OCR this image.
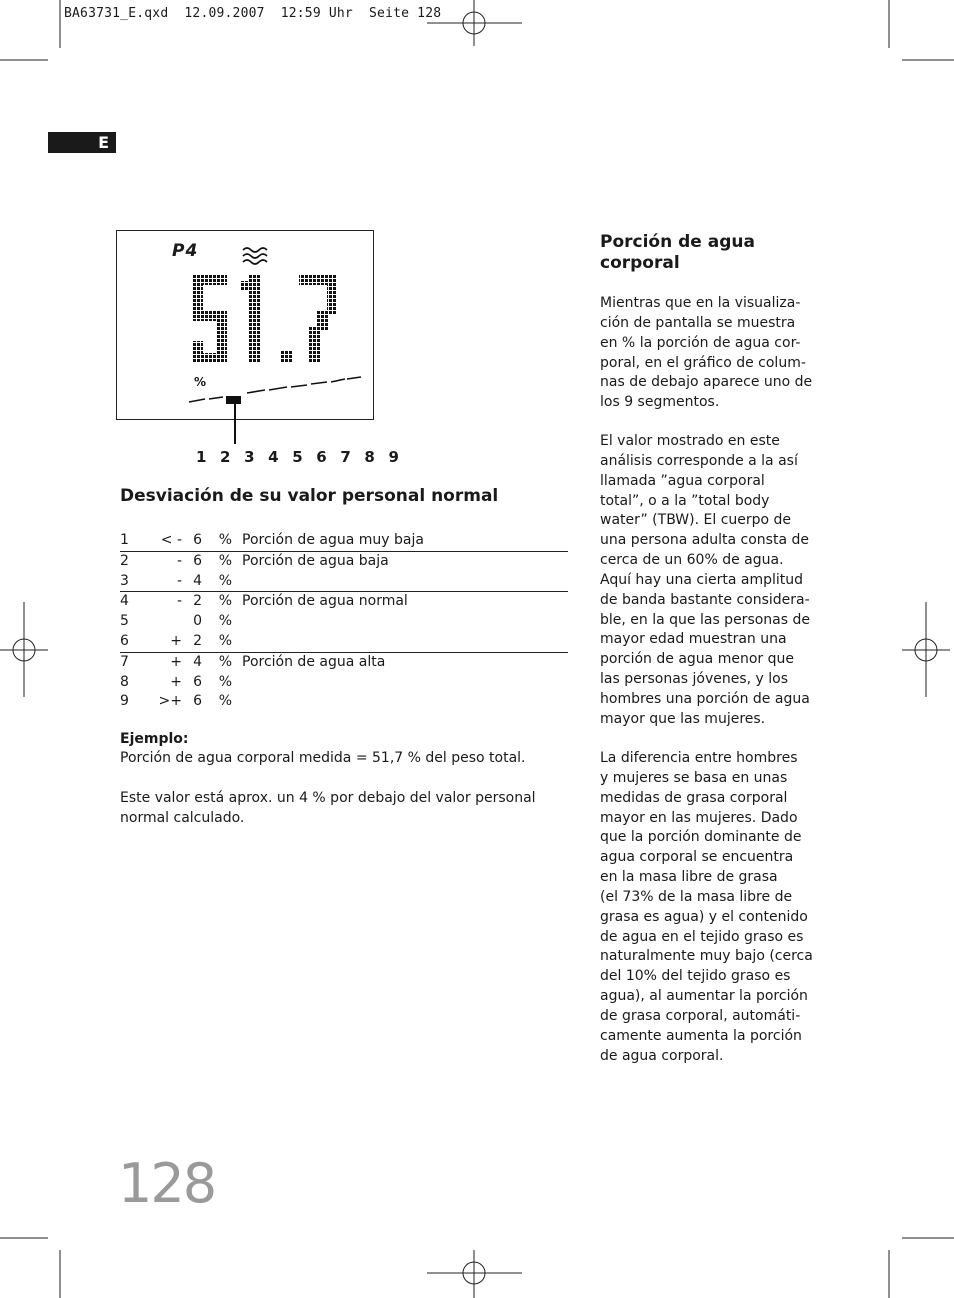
BA63731_E.qxd  12.09.2007  12:59 Uhr  Seite 128
E
P4
%
1 2 3 4 5 6 7 8 9
Desviación de su valor personal normal
1	< -	6	%	Porción de agua muy baja
2	-	6	%	Porción de agua baja
3	-	4	%	
4	-	2	%	Porción de agua normal
5		0	%	
6	+	2	%	
7	+	4	%	Porción de agua alta
8	+	6	%	
9	>+	6	%	
Ejemplo:
Porción de agua corporal medida = 51,7 % del peso total.
Este valor está aprox. un 4 % por debajo del valor personal
normal calculado.
Porción de agua
corporal
Mientras que en la visualiza-
ción de pantalla se muestra
en % la porción de agua cor-
poral, en el gráfico de colum-
nas de debajo aparece uno de
los 9 segmentos.
El valor mostrado en este
análisis corresponde a la así
llamada ”agua corporal
total”, o a la ”total body
water” (TBW). El cuerpo de
una persona adulta consta de
cerca de un 60% de agua.
Aquí hay una cierta amplitud
de banda bastante considera-
ble, en la que las personas de
mayor edad muestran una
porción de agua menor que
las personas jóvenes, y los
hombres una porción de agua
mayor que las mujeres.
La diferencia entre hombres
y mujeres se basa en unas
medidas de grasa corporal
mayor en las mujeres. Dado
que la porción dominante de
agua corporal se encuentra
en la masa libre de grasa
(el 73% de la masa libre de
grasa es agua) y el contenido
de agua en el tejido graso es
naturalmente muy bajo (cerca
del 10% del tejido graso es
agua), al aumentar la porción
de grasa corporal, automáti-
camente aumenta la porción
de agua corporal.
128
